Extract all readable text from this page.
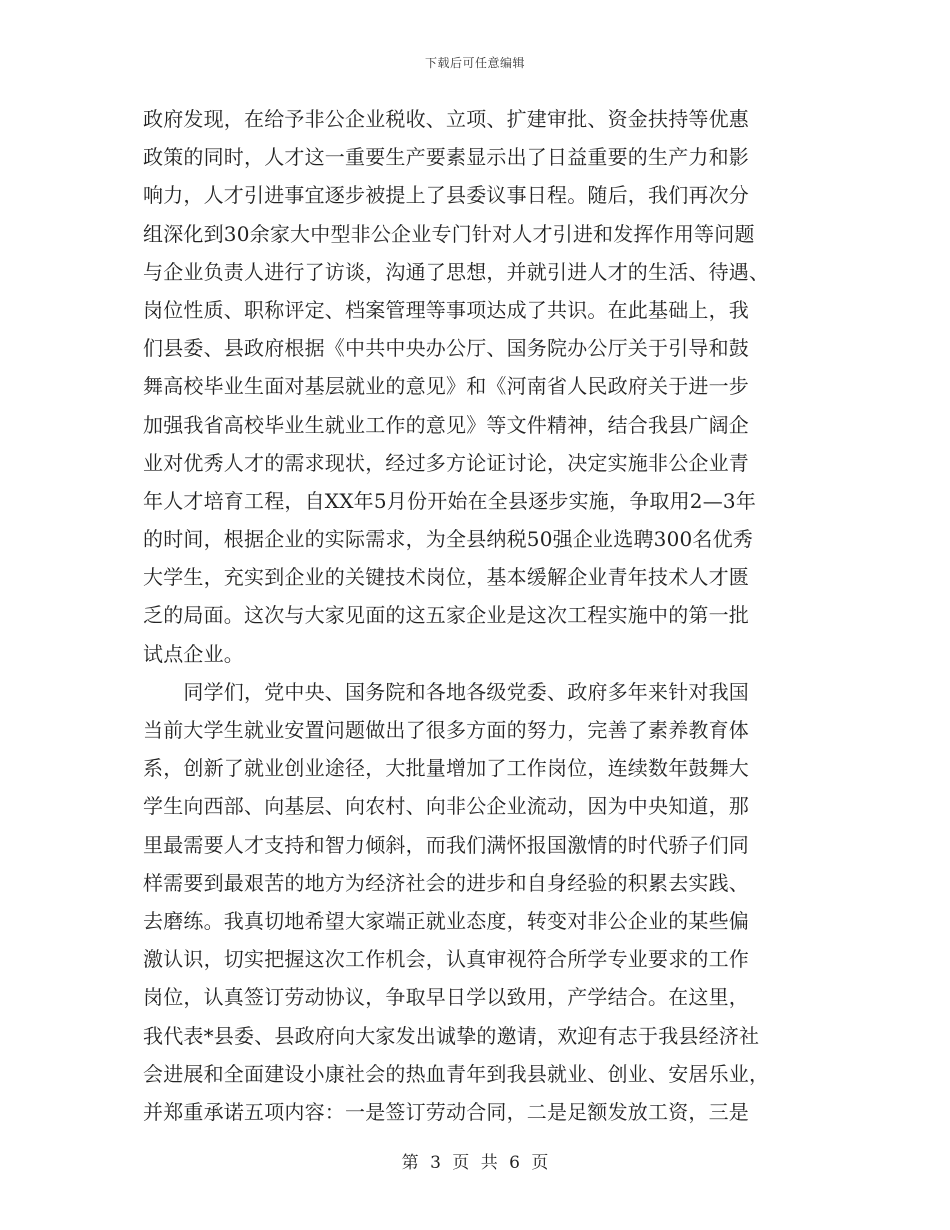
下载后可任意编辑
政府发现，在给予非公企业税收、立项、扩建审批、资金扶持等优惠
政策的同时，人才这一重要生产要素显示出了日益重要的生产力和影
响力，人才引进事宜逐步被提上了县委议事日程。随后，我们再次分
组深化到30余家大中型非公企业专门针对人才引进和发挥作用等问题
与企业负责人进行了访谈，沟通了思想，并就引进人才的生活、待遇、
岗位性质、职称评定、档案管理等事项达成了共识。在此基础上，我
们县委、县政府根据《中共中央办公厅、国务院办公厅关于引导和鼓
舞高校毕业生面对基层就业的意见》和《河南省人民政府关于进一步
加强我省高校毕业生就业工作的意见》等文件精神，结合我县广阔企
业对优秀人才的需求现状，经过多方论证讨论，决定实施非公企业青
年人才培育工程，自XX年5月份开始在全县逐步实施，争取用2—3年
的时间，根据企业的实际需求，为全县纳税50强企业选聘300名优秀
大学生，充实到企业的关键技术岗位，基本缓解企业青年技术人才匮
乏的局面。这次与大家见面的这五家企业是这次工程实施中的第一批
试点企业。
　　同学们，党中央、国务院和各地各级党委、政府多年来针对我国
当前大学生就业安置问题做出了很多方面的努力，完善了素养教育体
系，创新了就业创业途径，大批量增加了工作岗位，连续数年鼓舞大
学生向西部、向基层、向农村、向非公企业流动，因为中央知道，那
里最需要人才支持和智力倾斜，而我们满怀报国激情的时代骄子们同
样需要到最艰苦的地方为经济社会的进步和自身经验的积累去实践、
去磨练。我真切地希望大家端正就业态度，转变对非公企业的某些偏
激认识，切实把握这次工作机会，认真审视符合所学专业要求的工作
岗位，认真签订劳动协议，争取早日学以致用，产学结合。在这里，
我代表*县委、县政府向大家发出诚挚的邀请，欢迎有志于我县经济社
会进展和全面建设小康社会的热血青年到我县就业、创业、安居乐业，
并郑重承诺五项内容：一是签订劳动合同，二是足额发放工资，三是
第 3 页 共 6 页
